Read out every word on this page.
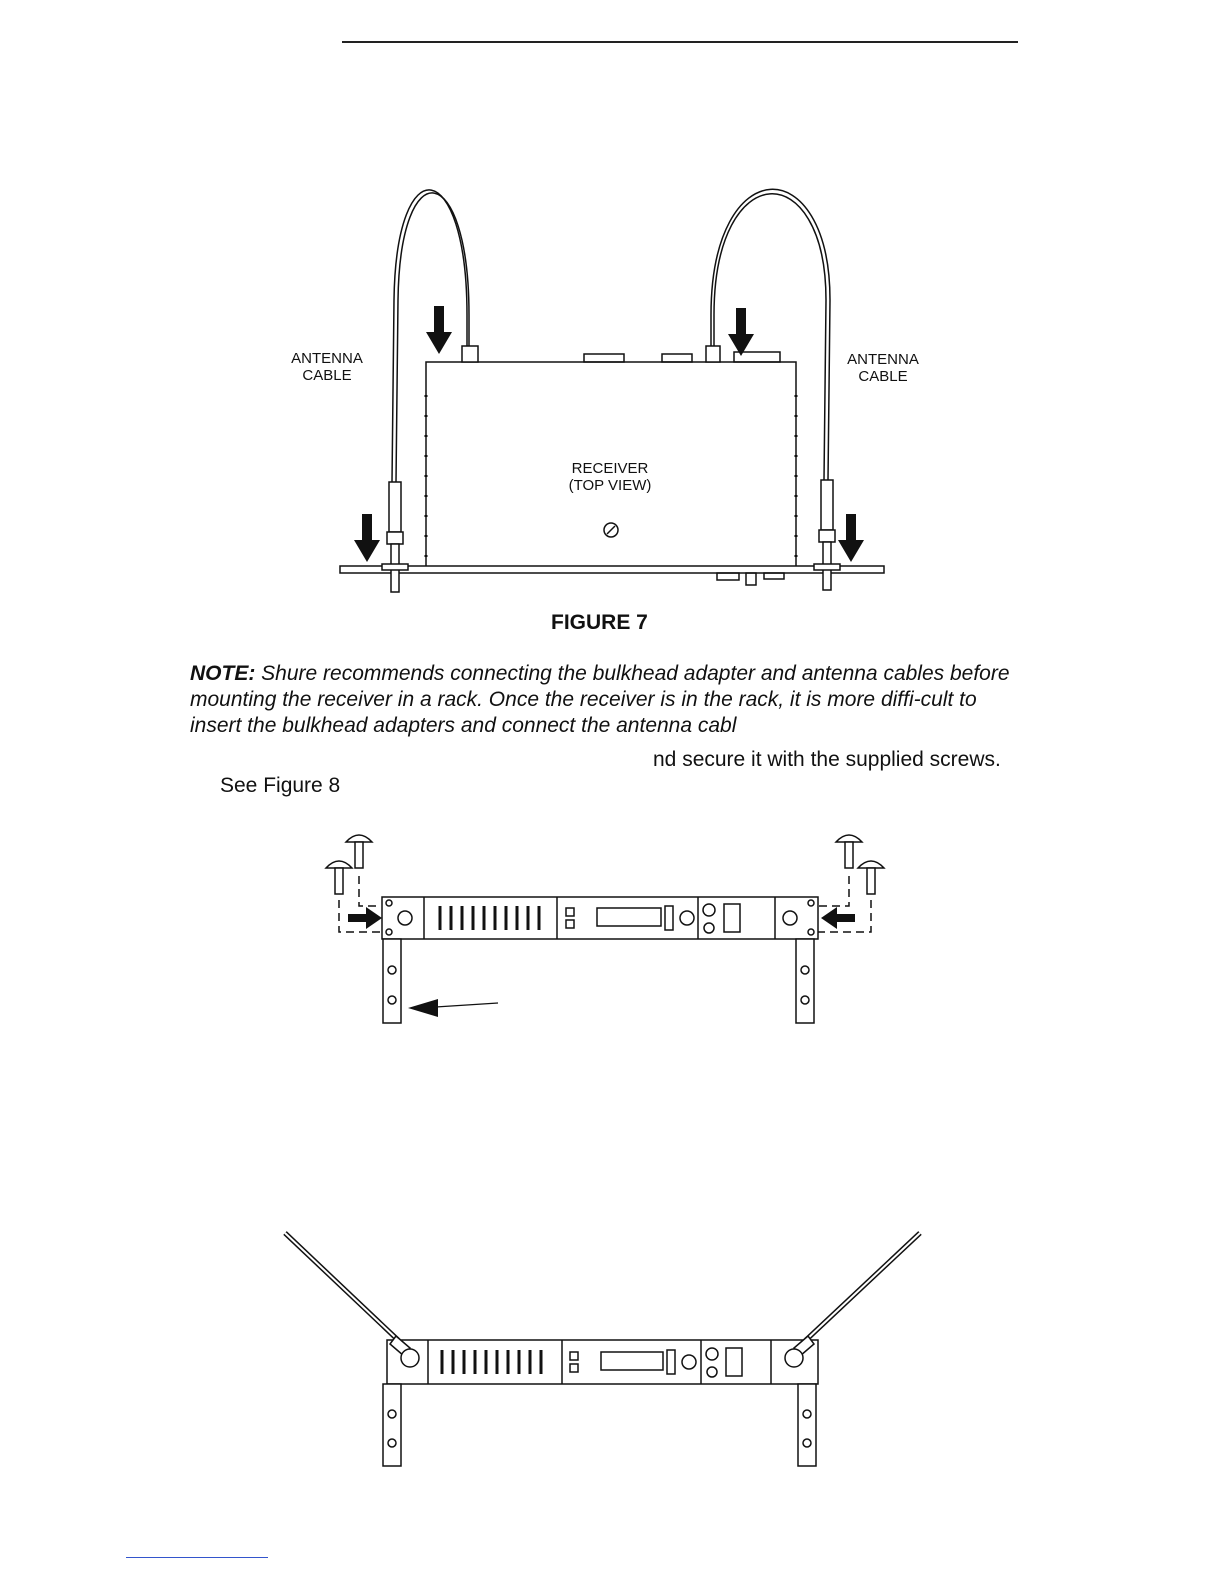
ANTENNA
CABLE
ANTENNA
CABLE
RECEIVER
(TOP VIEW)
FIGURE 7
NOTE: Shure recommends connecting the bulkhead adapter and antenna cables before mounting the receiver in a rack. Once the receiver is in the rack, it is more diffi-cult to insert the bulkhead adapters and connect the antenna cabl
nd secure it with the supplied screws.
See Figure 8
